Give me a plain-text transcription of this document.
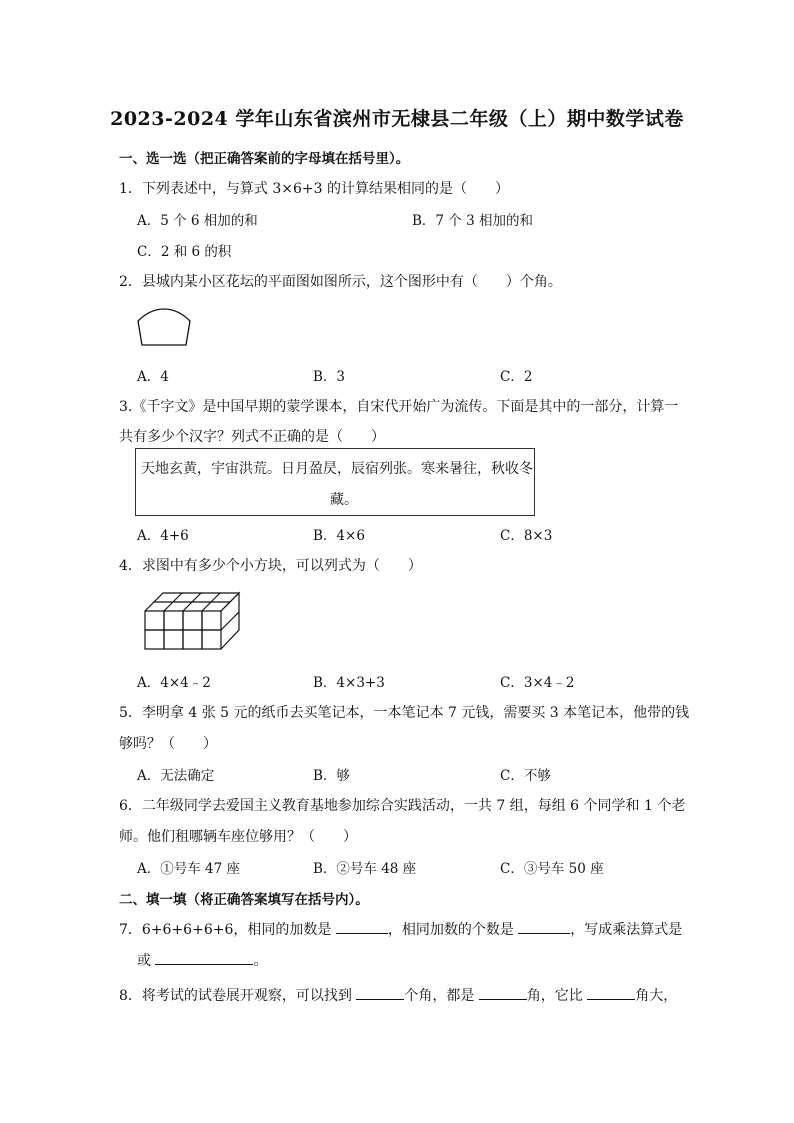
2023-2024 学年山东省滨州市无棣县二年级（上）期中数学试卷
一、选一选（把正确答案前的字母填在括号里）。
1．下列表述中，与算式 3×6+3 的计算结果相同的是（　　）
A．5 个 6 相加的和	B．7 个 3 相加的和
C．2 和 6 的积
2．县城内某小区花坛的平面图如图所示，这个图形中有（　　）个角。
A．4	B．3	C．2
3.《千字文》是中国早期的蒙学课本，自宋代开始广为流传。下面是其中的一部分，计算一
共有多少个汉字？列式不正确的是（　　）
天地玄黄，宇宙洪荒。日月盈昃，辰宿列张。寒来暑往，秋收冬
藏。
A．4+6	B．4×6	C．8×3
4．求图中有多少个小方块，可以列式为（　　）
A．4×4﹣2	B．4×3+3	C．3×4﹣2
5．李明拿 4 张 5 元的纸币去买笔记本，一本笔记本 7 元钱，需要买 3 本笔记本，他带的钱
够吗？（　　）
A．无法确定	B．够	C．不够
6．二年级同学去爱国主义教育基地参加综合实践活动，一共 7 组，每组 6 个同学和 1 个老
师。他们租哪辆车座位够用？（　　）
A．①号车 47 座	B．②号车 48 座	C．③号车 50 座
二、填一填（将正确答案填写在括号内）。
7．6+6+6+6+6，相同的加数是	，相同加数的个数是	，写成乘法算式是
或	。
8．将考试的试卷展开观察，可以找到	个角，都是	角，它比	角大，
